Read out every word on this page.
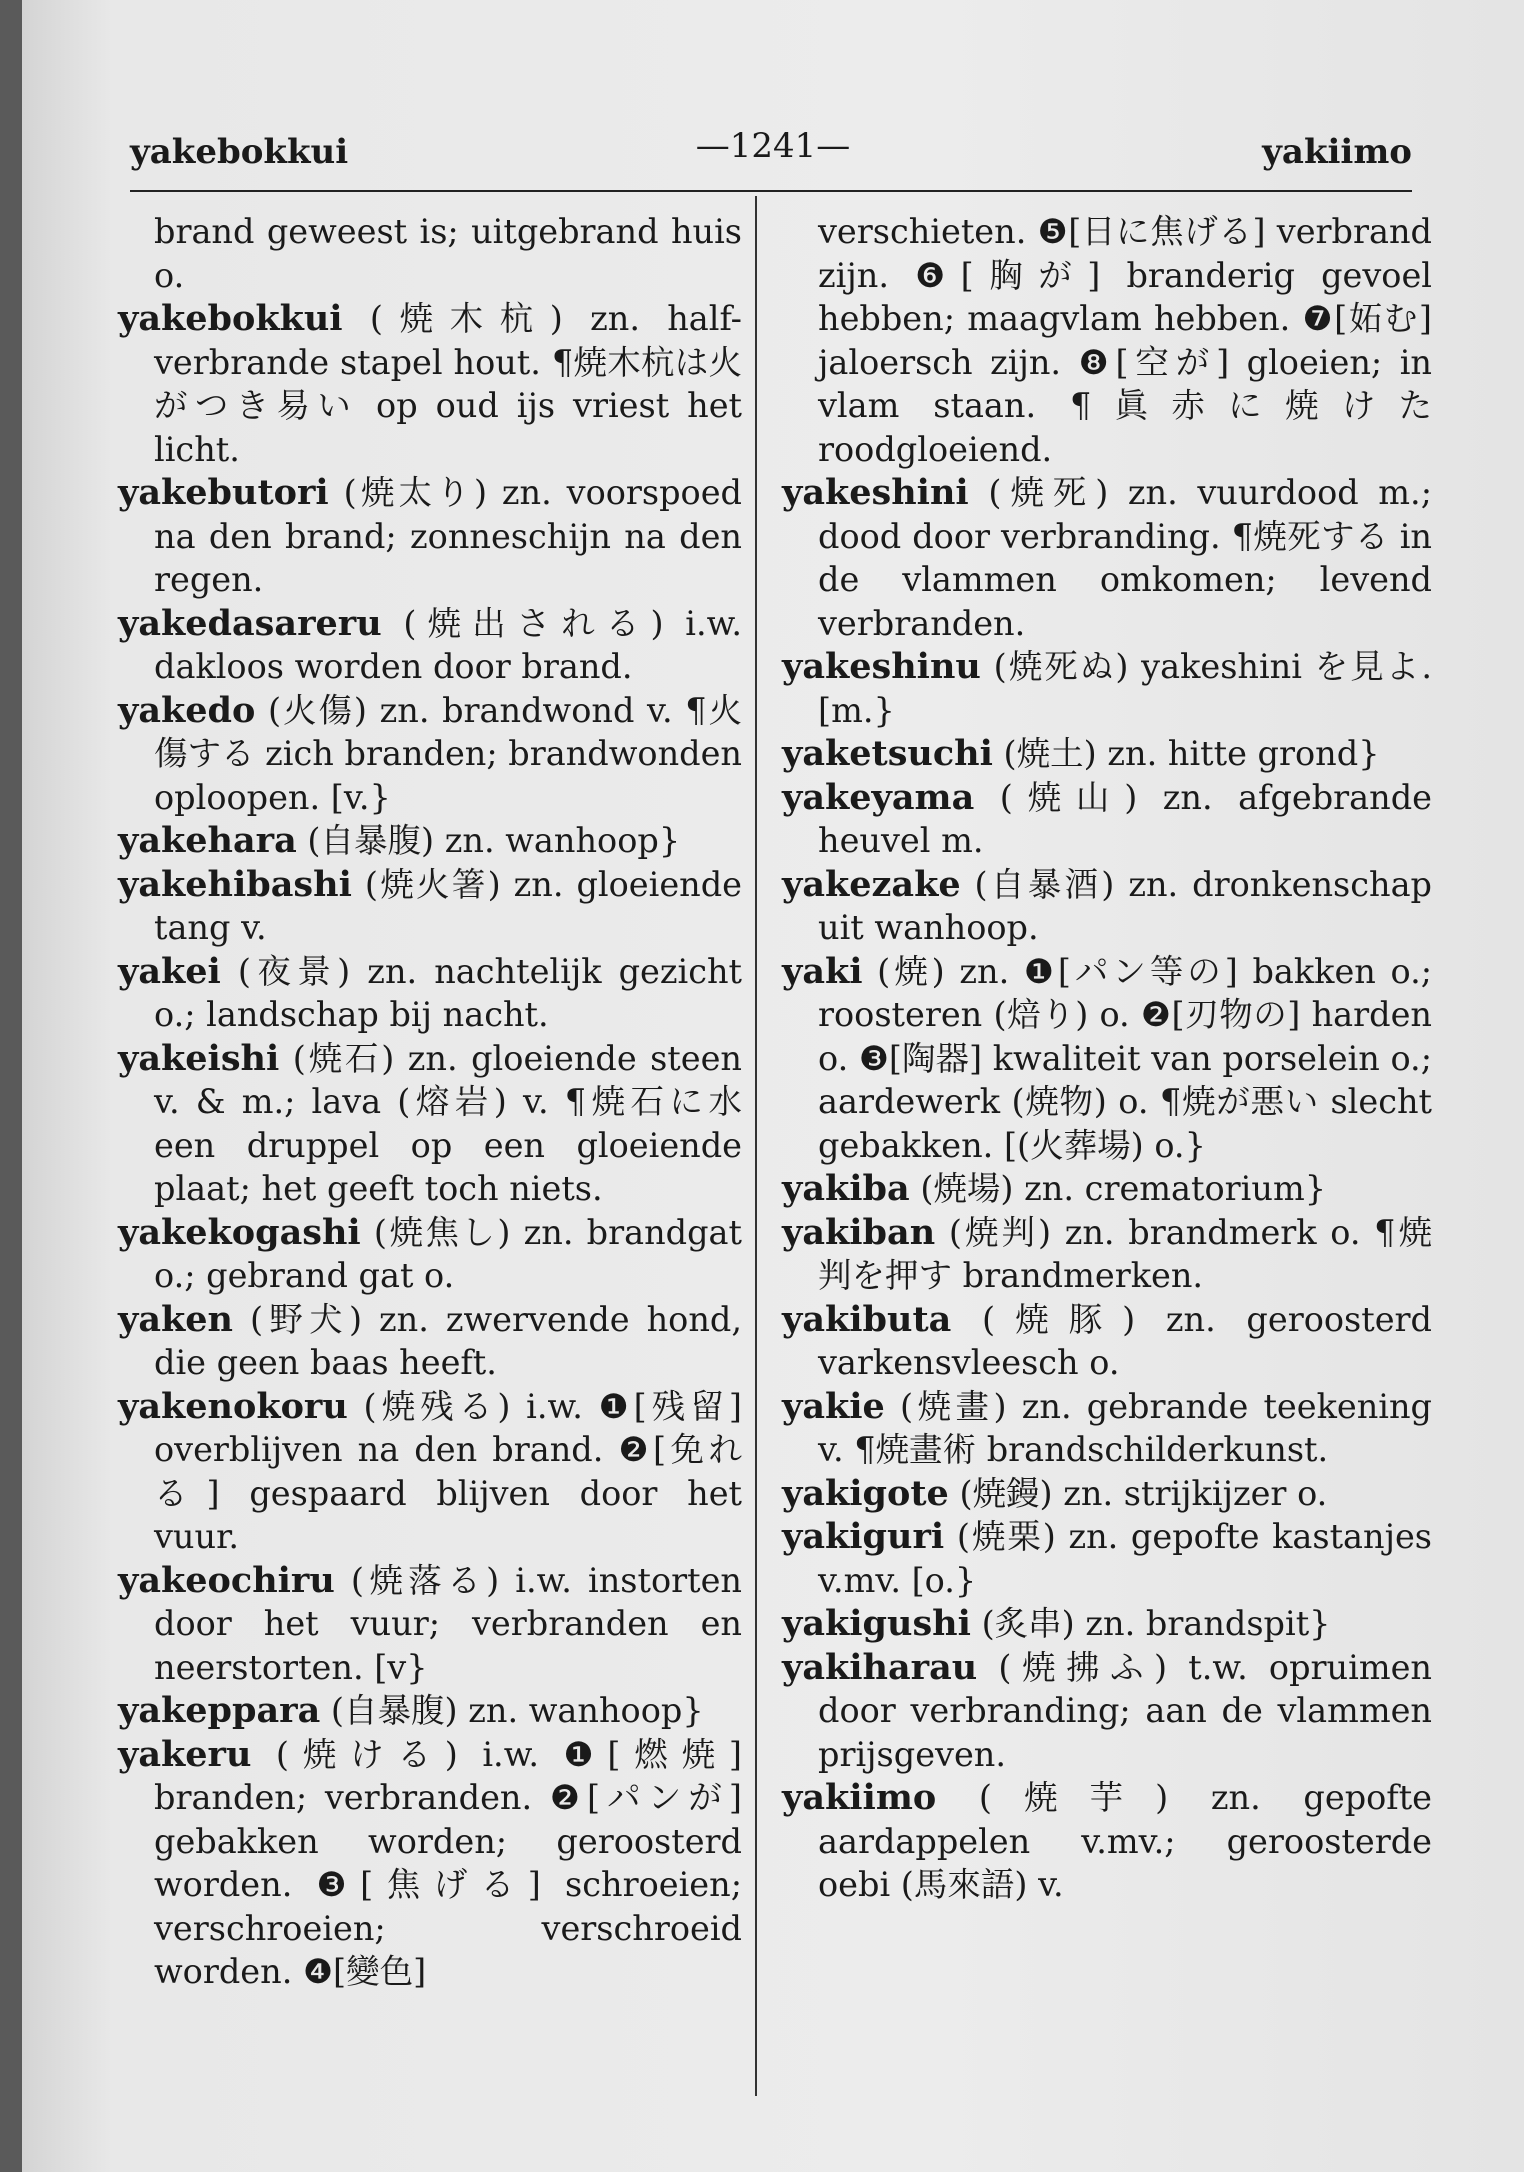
yakebokkui	—1241—	yakiimo

brand geweest is; uitgebrand huis o.

yakebokkui (焼木杭) zn. half-verbrande stapel hout. ¶焼木杭は火がつき易い op oud ijs vriest het licht.

yakebutori (焼太り) zn. voorspoed na den brand; zonneschijn na den regen.

yakedasareru (焼出される) i.w. dakloos worden door brand.

yakedo (火傷) zn. brandwond v. ¶火傷する zich branden; brandwonden oploopen. [v.}

yakehara (自暴腹) zn. wanhoop}

yakehibashi (焼火箸) zn. gloeiende tang v.

yakei (夜景) zn. nachtelijk gezicht o.; landschap bij nacht.

yakeishi (焼石) zn. gloeiende steen v. & m.; lava (熔岩) v. ¶焼石に水 een druppel op een gloeiende plaat; het geeft toch niets.

yakekogashi (焼焦し) zn. brandgat o.; gebrand gat o.

yaken (野犬) zn. zwervende hond, die geen baas heeft.

yakenokoru (焼残る) i.w. ❶[残留] overblijven na den brand. ❷[免れる] gespaard blijven door het vuur.

yakeochiru (焼落る) i.w. instorten door het vuur; verbranden en neerstorten. [v}

yakeppara (自暴腹) zn. wanhoop}

yakeru (焼ける) i.w. ❶[燃焼] branden; verbranden. ❷[パンが] gebakken worden; geroosterd worden. ❸[焦げる] schroeien; verschroeien; verschroeid worden. ❹[變色]

verschieten. ❺[日に焦げる] verbrand zijn. ❻[胸が] branderig gevoel hebben; maagvlam hebben. ❼[妬む] jaloersch zijn. ❽[空が] gloeien; in vlam staan. ¶眞赤に焼けた roodgloeiend.

yakeshini (焼死) zn. vuurdood m.; dood door verbranding. ¶焼死する in de vlammen omkomen; levend verbranden.

yakeshinu (焼死ぬ) yakeshini を見よ. [m.}

yaketsuchi (焼土) zn. hitte grond}

yakeyama (焼山) zn. afgebrande heuvel m.

yakezake (自暴酒) zn. dronkenschap uit wanhoop.

yaki (焼) zn. ❶[パン等の] bakken o.; roosteren (焙り) o. ❷[刃物の] harden o. ❸[陶器] kwaliteit van porselein o.; aardewerk (焼物) o. ¶焼が悪い slecht gebakken. [(火葬場) o.}

yakiba (焼場) zn. crematorium}

yakiban (焼判) zn. brandmerk o. ¶焼判を押す brandmerken.

yakibuta (焼豚) zn. geroosterd varkensvleesch o.

yakie (焼畫) zn. gebrande teekening v. ¶焼畫術 brandschilderkunst.

yakigote (焼鏝) zn. strijkijzer o.

yakiguri (焼栗) zn. gepofte kastanjes v.mv. [o.}

yakigushi (炙串) zn. brandspit}

yakiharau (焼拂ふ) t.w. opruimen door verbranding; aan de vlammen prijsgeven.

yakiimo (焼芋) zn. gepofte aardappelen v.mv.; geroosterde oebi (馬來語) v.
